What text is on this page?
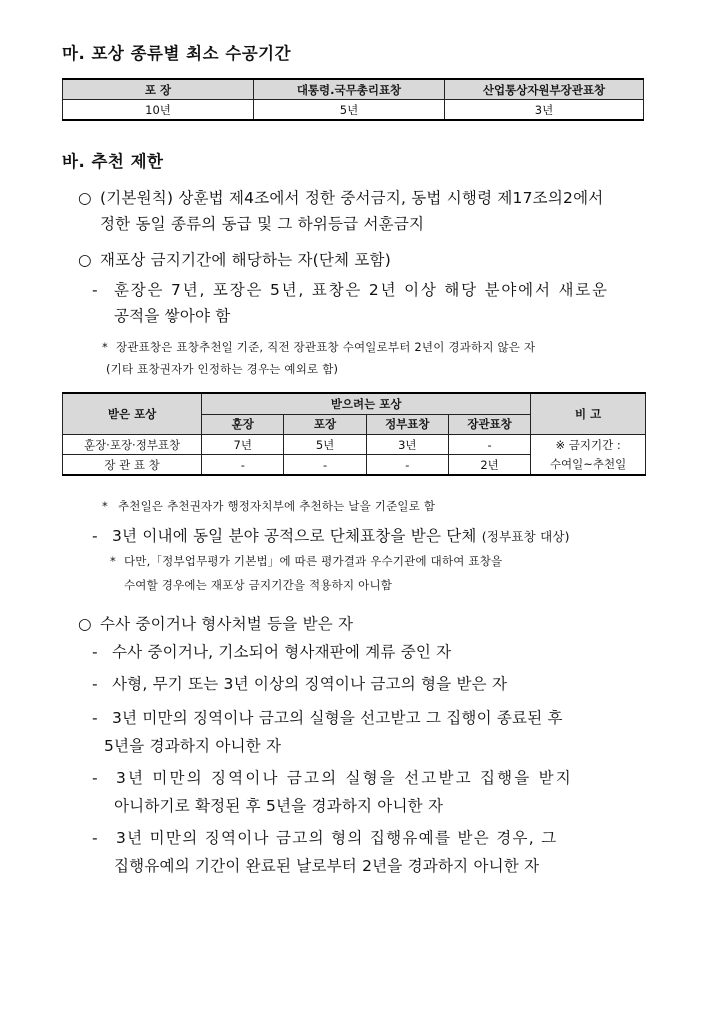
마. 포상 종류별 최소 수공기간
포 장	대통령.국무총리표창	산업통상자원부장관표창
10년	5년	3년
바. 추천 제한
○ (기본원칙) 상훈법 제4조에서 정한 중서금지, 동법 시행령 제17조의2에서
정한 동일 종류의 동급 및 그 하위등급 서훈금지
○ 재포상 금지기간에 해당하는 자(단체 포함)
- 훈장은 7년, 포장은 5년, 표창은 2년 이상 해당 분야에서 새로운
공적을 쌓아야 함
* 장관표창은 표창추천일 기준, 직전 장관표창 수여일로부터 2년이 경과하지 않은 자
(기타 표창권자가 인정하는 경우는 예외로 함)
받은 포상	받으려는 포상				비 고
	훈장	포장	정부표창	장관표창	
훈장·포장·정부표창	7년	5년	3년	-	※ 금지기간 :
장 관 표 창	-	-	-	2년	수여일~추천일
* 추천일은 추천권자가 행정자치부에 추천하는 날을 기준일로 함
- 3년 이내에 동일 분야 공적으로 단체표창을 받은 단체 (정부표창 대상)
* 다만,「정부업무평가 기본법」에 따른 평가결과 우수기관에 대하여 표창을
수여할 경우에는 재포상 금지기간을 적용하지 아니함
○ 수사 중이거나 형사처벌 등을 받은 자
- 수사 중이거나, 기소되어 형사재판에 계류 중인 자
- 사형, 무기 또는 3년 이상의 징역이나 금고의 형을 받은 자
- 3년 미만의 징역이나 금고의 실형을 선고받고 그 집행이 종료된 후
5년을 경과하지 아니한 자
- 3년 미만의 징역이나 금고의 실형을 선고받고 집행을 받지
아니하기로 확정된 후 5년을 경과하지 아니한 자
- 3년 미만의 징역이나 금고의 형의 집행유예를 받은 경우, 그
집행유예의 기간이 완료된 날로부터 2년을 경과하지 아니한 자
